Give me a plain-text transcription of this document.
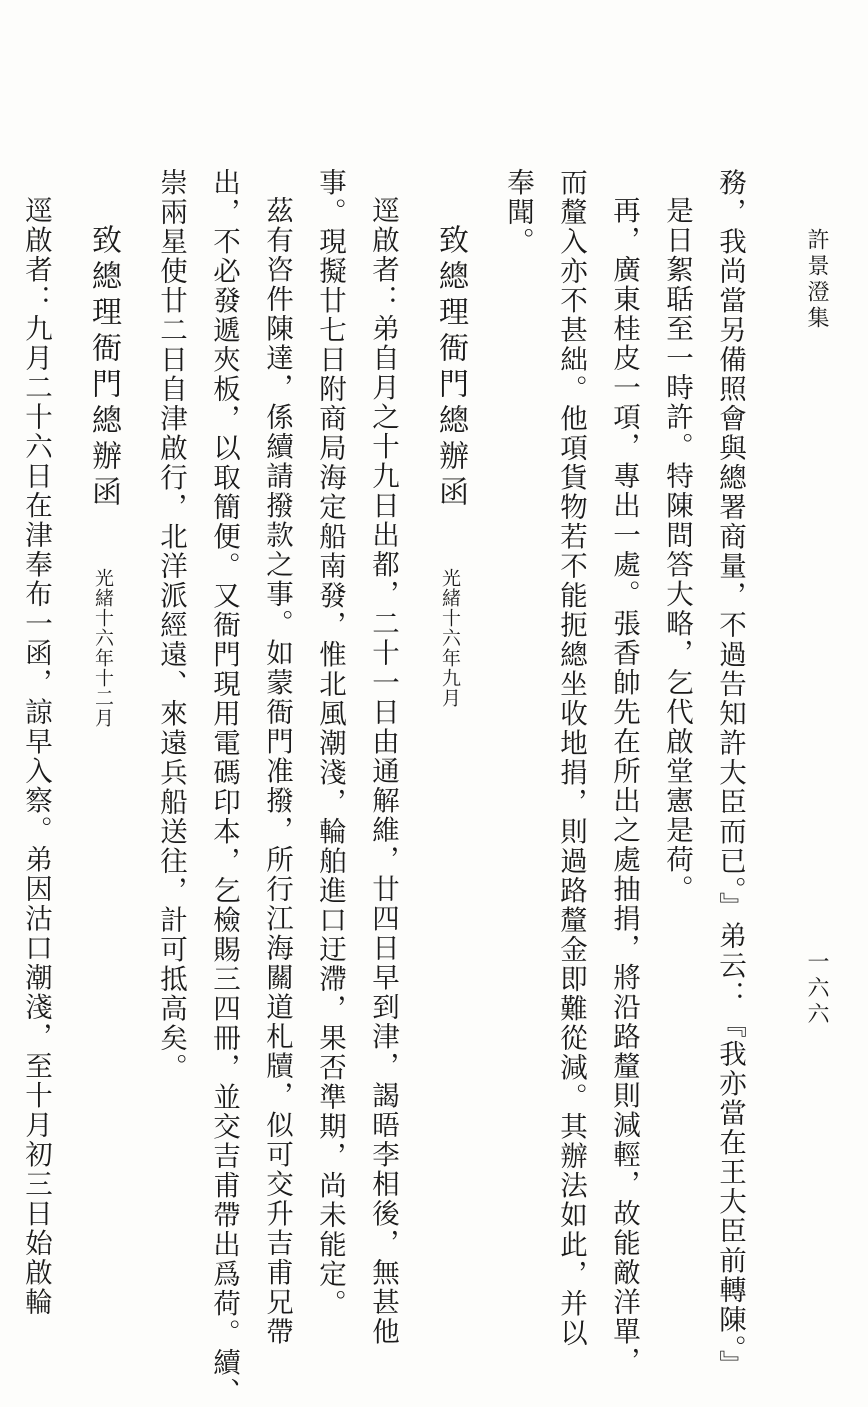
許景澄集
一六六
務，我尚當另備照會與總署商量，不過告知許大臣而已。』弟云：『我亦當在王大臣前轉陳。』
是日絮聒至一時許。特陳問答大略，乞代啟堂憲是荷。
再，廣東桂皮一項，專出一處。張香帥先在所出之處抽捐，將沿路釐則減輕，故能敵洋單，
而釐入亦不甚絀。他項貨物若不能扼總坐收地捐，則過路釐金即難從減。其辦法如此，并以
奉聞。
致總理衙門總辦函　光緒十六年九月
逕啟者：弟自月之十九日出都，二十一日由通解維，廿四日早到津，謁晤李相後，無甚他
事。現擬廿七日附商局海定船南發，惟北風潮淺，輪舶進口迂滯，果否準期，尚未能定。
茲有咨件陳達，係續請撥款之事。如蒙衙門准撥，所行江海關道札牘，似可交升吉甫兄帶
出，不必發遞夾板，以取簡便。又衙門現用電碼印本，乞檢賜三四冊，並交吉甫帶出爲荷。續、
崇兩星使廿二日自津啟行，北洋派經遠、來遠兵船送往，計可抵高矣。
致總理衙門總辦函　光緒十六年十二月
逕啟者：九月二十六日在津奉布一函，諒早入察。弟因沽口潮淺，至十月初三日始啟輪
